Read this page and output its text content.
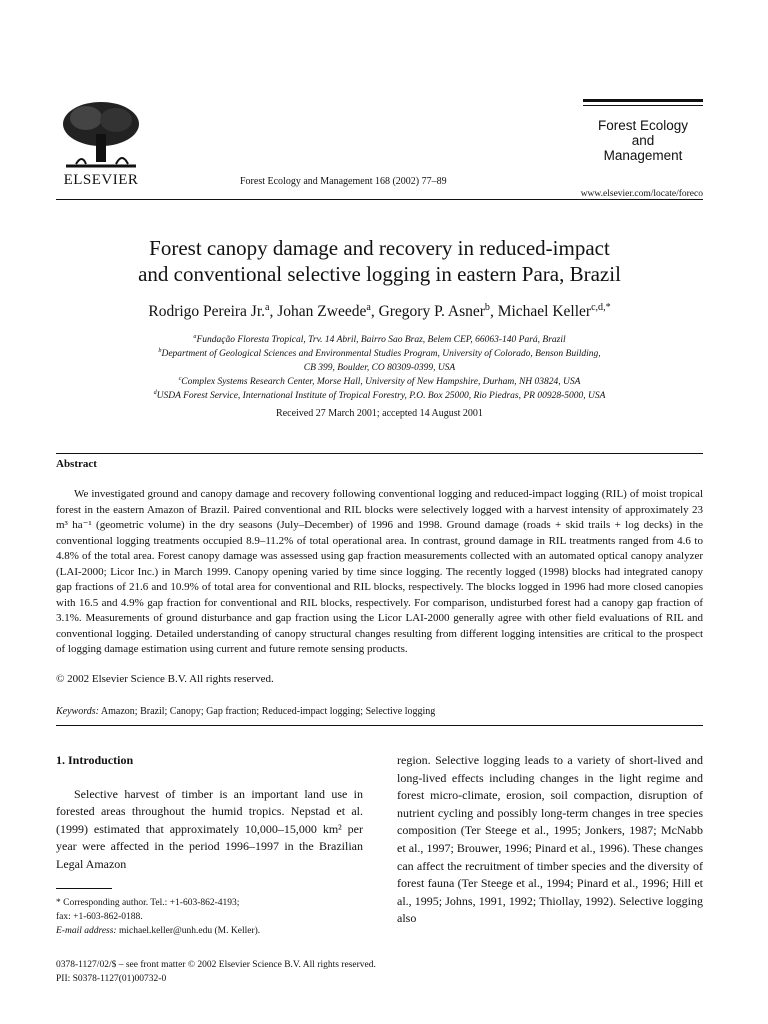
ELSEVIER	Forest Ecology and Management 168 (2002) 77–89
Forest Ecology
and
Management
www.elsevier.com/locate/foreco
Forest canopy damage and recovery in reduced-impact
and conventional selective logging in eastern Para, Brazil
Rodrigo Pereira Jr.$^a$, Johan Zweede$^a$, Gregory P. Asner$^b$, Michael Keller$^{c,d,*}$
$^a$Fundação Floresta Tropical, Trv. 14 Abril, Bairro Sao Braz, Belem CEP, 66063-140 Pará, Brazil
$^b$Department of Geological Sciences and Environmental Studies Program, University of Colorado, Benson Building,
CB 399, Boulder, CO 80309-0399, USA
$^c$Complex Systems Research Center, Morse Hall, University of New Hampshire, Durham, NH 03824, USA
$^d$USDA Forest Service, International Institute of Tropical Forestry, P.O. Box 25000, Rio Piedras, PR 00928-5000, USA
Received 27 March 2001; accepted 14 August 2001
Abstract
We investigated ground and canopy damage and recovery following conventional logging and reduced-impact logging (RIL) of moist tropical forest in the eastern Amazon of Brazil. Paired conventional and RIL blocks were selectively logged with a harvest intensity of approximately 23 m³ ha⁻¹ (geometric volume) in the dry seasons (July–December) of 1996 and 1998. Ground damage (roads + skid trails + log decks) in the conventional logging treatments occupied 8.9–11.2% of total operational area. In contrast, ground damage in RIL treatments ranged from 4.6 to 4.8% of the total area. Forest canopy damage was assessed using gap fraction measurements collected with an automated optical canopy analyzer (LAI-2000; Licor Inc.) in March 1999. Canopy opening varied by time since logging. The recently logged (1998) blocks had integrated canopy gap fractions of 21.6 and 10.9% of total area for conventional and RIL blocks, respectively. The blocks logged in 1996 had more closed canopies with 16.5 and 4.9% gap fraction for conventional and RIL blocks, respectively. For comparison, undisturbed forest had a canopy gap fraction of 3.1%. Measurements of ground disturbance and gap fraction using the Licor LAI-2000 generally agree with other field evaluations of RIL and conventional logging. Detailed understanding of canopy structural changes resulting from different logging intensities are critical to the prospect of logging damage estimation using current and future remote sensing products.
© 2002 Elsevier Science B.V. All rights reserved.
Keywords: Amazon; Brazil; Canopy; Gap fraction; Reduced-impact logging; Selective logging
1. Introduction
Selective harvest of timber is an important land use in forested areas throughout the humid tropics. Nepstad et al. (1999) estimated that approximately 10,000–15,000 km² per year were affected in the period 1996–1997 in the Brazilian Legal Amazon
region. Selective logging leads to a variety of short-lived and long-lived effects including changes in the light regime and forest micro-climate, erosion, soil compaction, disruption of nutrient cycling and possibly long-term changes in tree species composition (Ter Steege et al., 1995; Jonkers, 1987; McNabb et al., 1997; Brouwer, 1996; Pinard et al., 1996). These changes can affect the recruitment of timber species and the diversity of forest fauna (Ter Steege et al., 1994; Pinard et al., 1996; Hill et al., 1995; Johns, 1991, 1992; Thiollay, 1992). Selective logging also
* Corresponding author. Tel.: +1-603-862-4193;
fax: +1-603-862-0188.
E-mail address: michael.keller@unh.edu (M. Keller).
0378-1127/02/$ – see front matter © 2002 Elsevier Science B.V. All rights reserved.
PII: S0378-1127(01)00732-0
